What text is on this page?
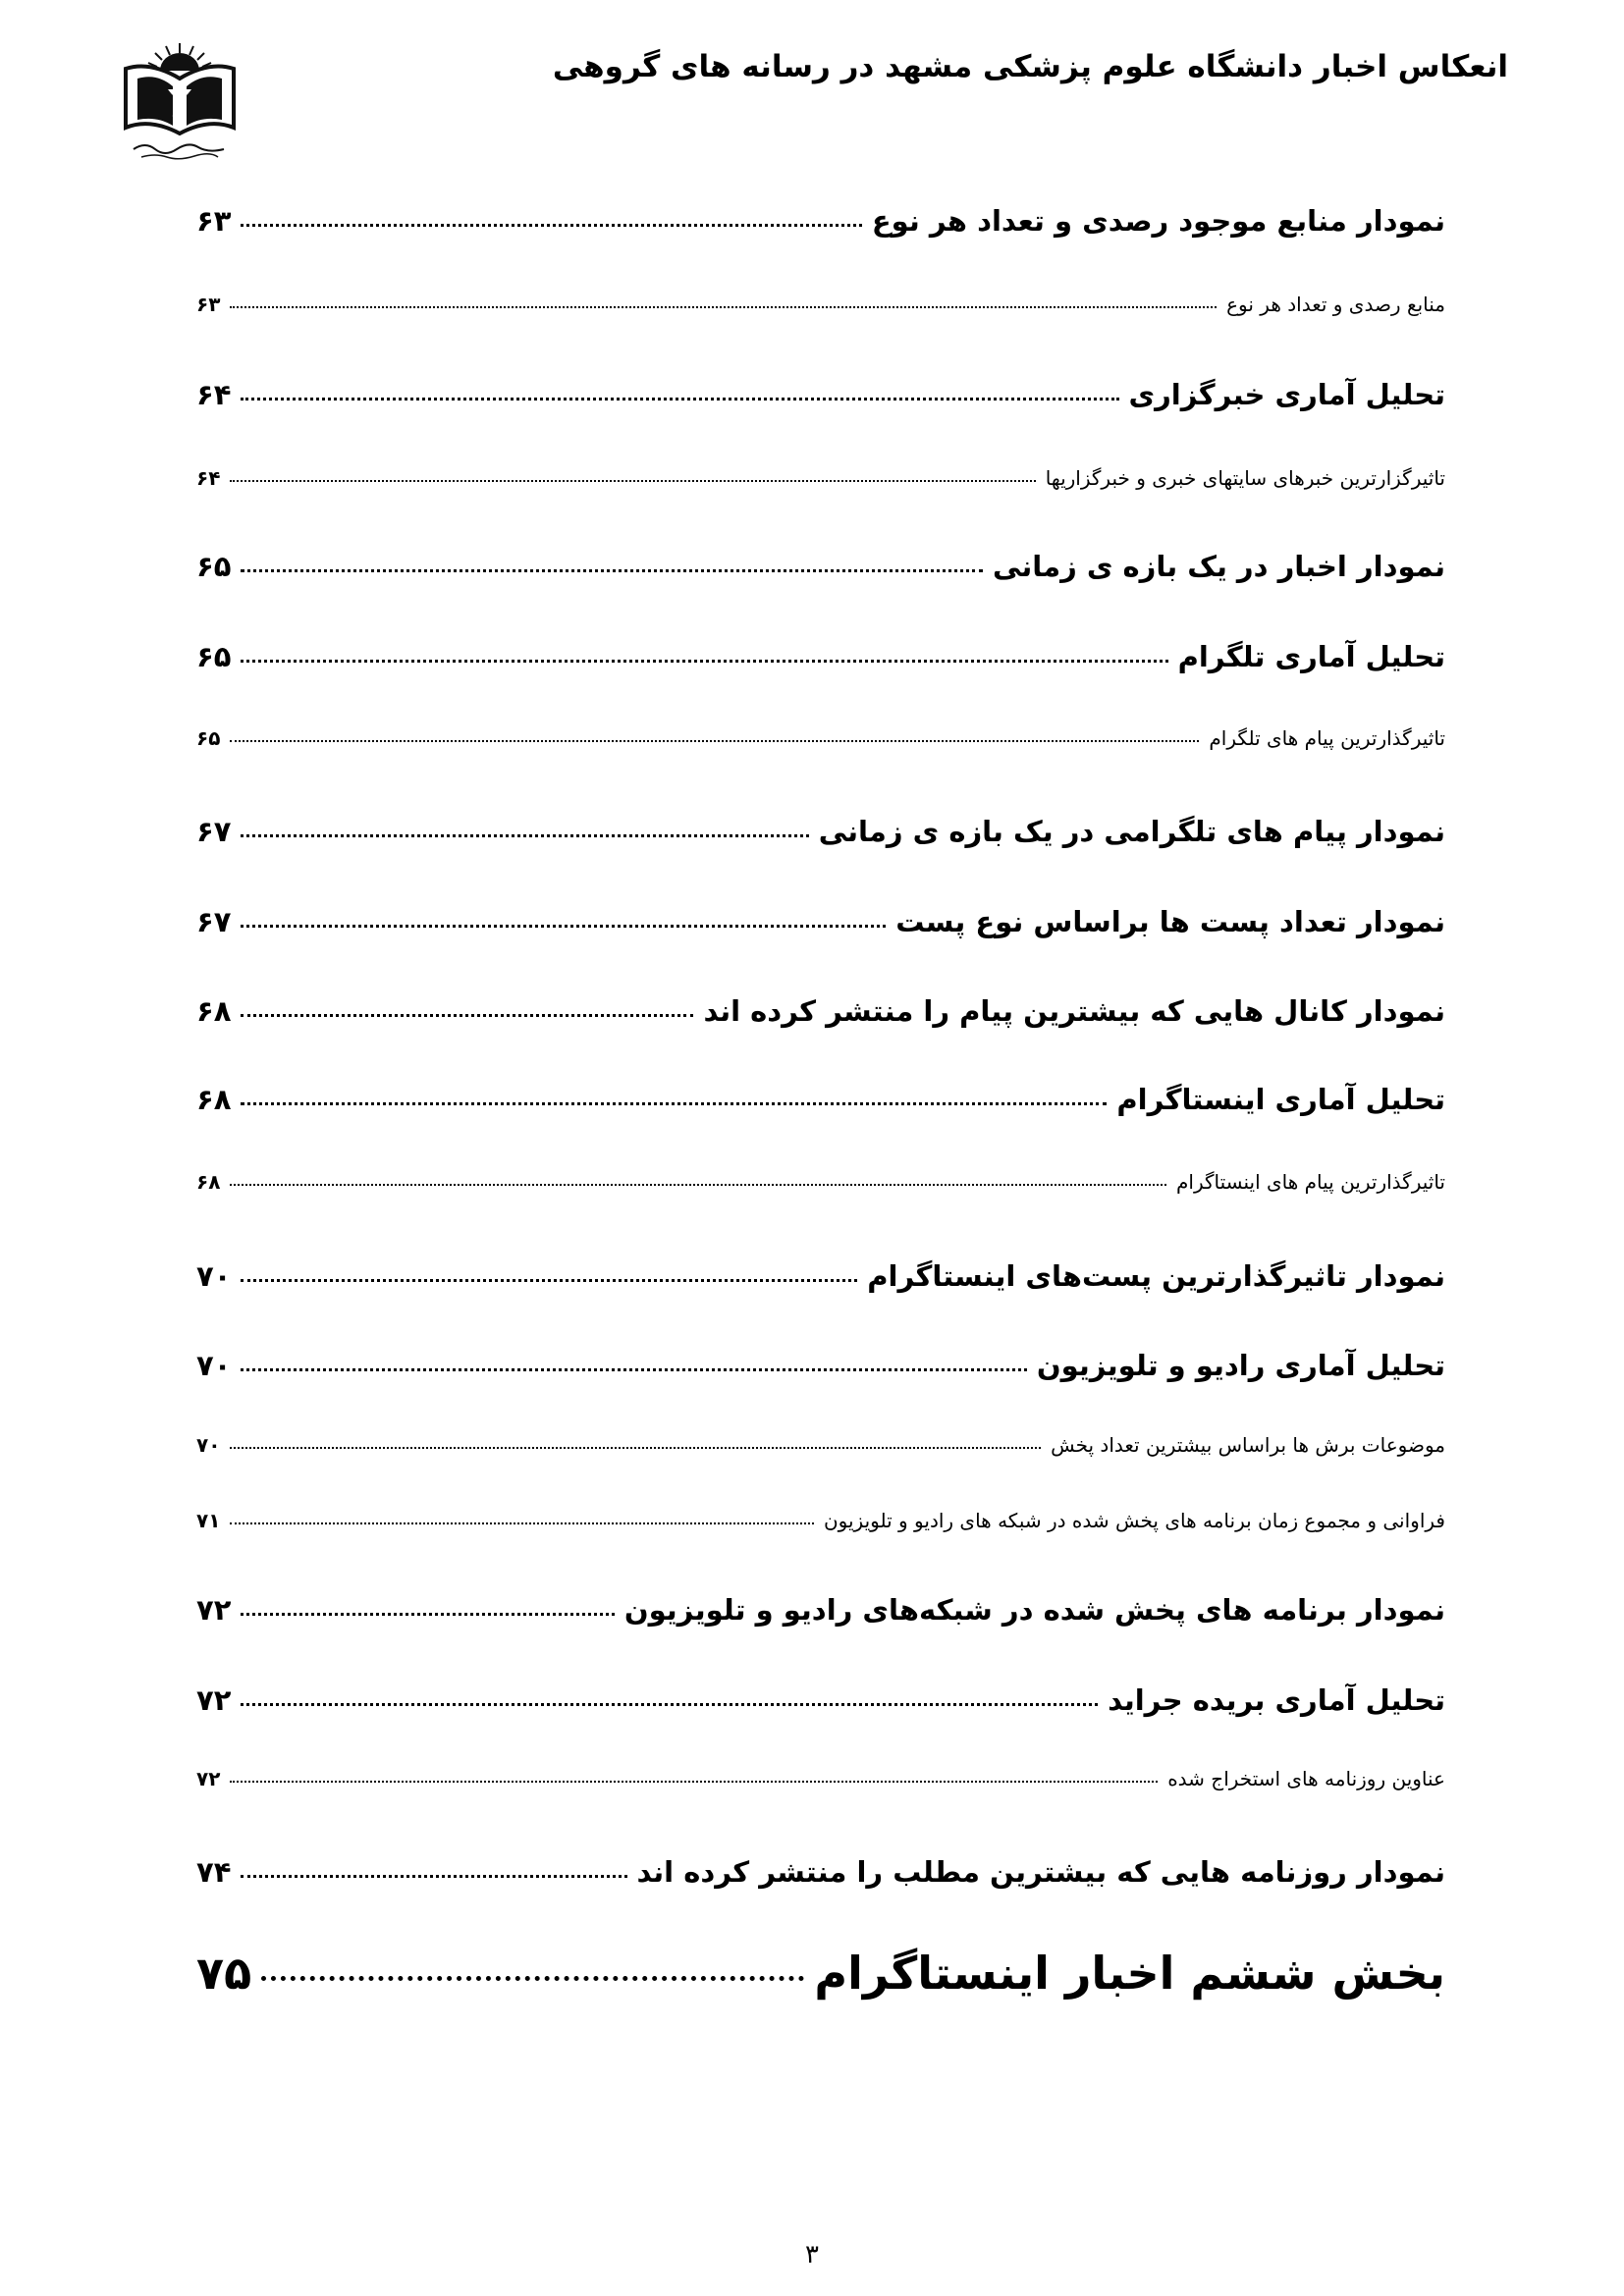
انعکاس اخبار دانشگاه علوم پزشکی مشهد در رسانه های گروهی
نمودار منابع موجود رصدی و تعداد هر نوع
۶۳
منابع رصدی و تعداد هر نوع
۶۳
تحلیل آماری خبرگزاری
۶۴
تاثیرگزارترین خبرهای سایتهای خبری و خبرگزاریها
۶۴
نمودار اخبار در یک بازه ی زمانی
۶۵
تحلیل آماری تلگرام
۶۵
تاثیرگذارترین پیام های تلگرام
۶۵
نمودار پیام های تلگرامی در یک بازه ی زمانی
۶۷
نمودار تعداد پست ها براساس نوع پست
۶۷
نمودار کانال هایی که بیشترین پیام را منتشر کرده اند
۶۸
تحلیل آماری اینستاگرام
۶۸
تاثیرگذارترین پیام های اینستاگرام
۶۸
نمودار تاثیرگذارترین پست‌های اینستاگرام
۷۰
تحلیل آماری رادیو و تلویزیون
۷۰
موضوعات برش ها براساس بیشترین تعداد پخش
۷۰
فراوانی و مجموع زمان برنامه های پخش شده در شبکه های رادیو و تلویزیون
۷۱
نمودار برنامه های پخش شده در شبکه‌های رادیو و تلویزیون
۷۲
تحلیل آماری بریده جراید
۷۲
عناوین روزنامه های استخراج شده
۷۲
نمودار روزنامه هایی که بیشترین مطلب را منتشر کرده اند
۷۴
بخش ششم اخبار اینستاگرام
۷۵
۳
